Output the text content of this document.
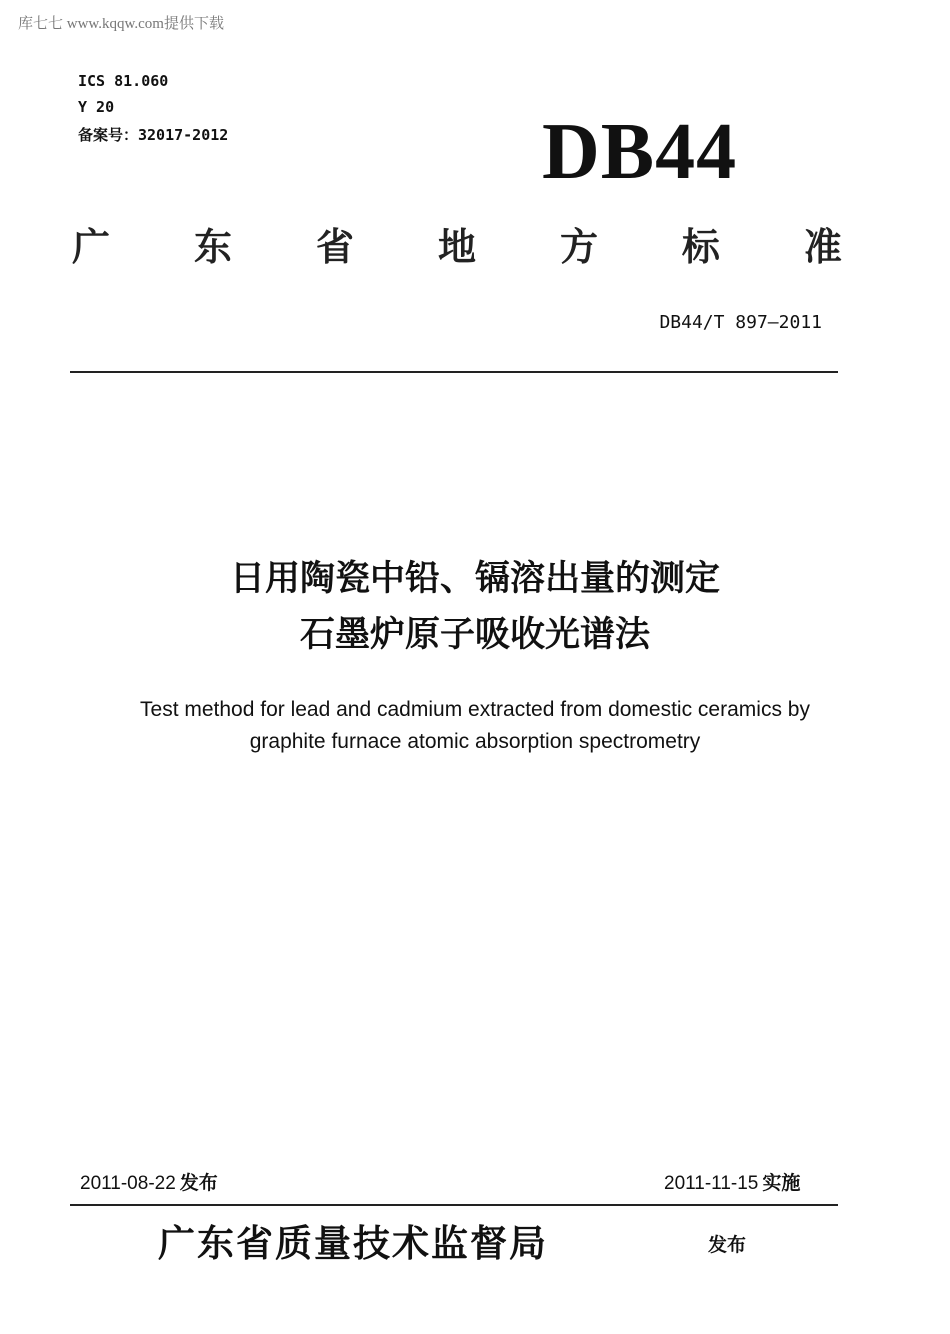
库七七 www.kqqw.com提供下载
ICS 81.060
Y 20
备案号：32017-2012	DB44
广 东 省 地 方 标 准
DB44/T 897—2011
日用陶瓷中铅、镉溶出量的测定
石墨炉原子吸收光谱法
Test method for lead and cadmium extracted from domestic ceramics by
graphite furnace atomic absorption spectrometry
2011-08-22 发布	2011-11-15 实施
广东省质量技术监督局	发布
